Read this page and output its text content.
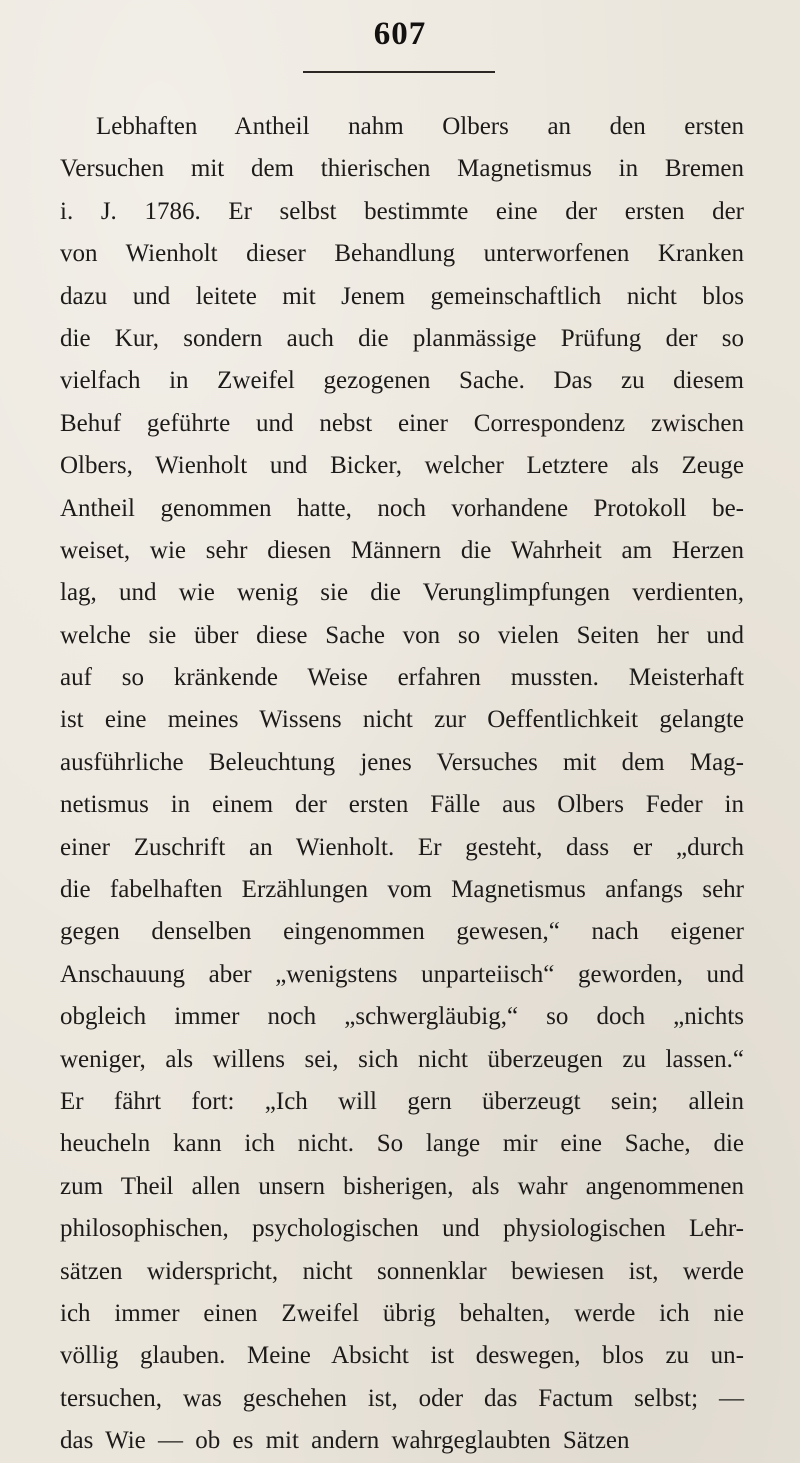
607
Lebhaften Antheil nahm Olbers an den ersten
Versuchen mit dem thierischen Magnetismus in Bremen
i. J. 1786. Er selbst bestimmte eine der ersten der
von Wienholt dieser Behandlung unterworfenen Kranken
dazu und leitete mit Jenem gemeinschaftlich nicht blos
die Kur, sondern auch die planmässige Prüfung der so
vielfach in Zweifel gezogenen Sache. Das zu diesem
Behuf geführte und nebst einer Correspondenz zwischen
Olbers, Wienholt und Bicker, welcher Letztere als Zeuge
Antheil genommen hatte, noch vorhandene Protokoll be-
weiset, wie sehr diesen Männern die Wahrheit am Herzen
lag, und wie wenig sie die Verunglimpfungen verdienten,
welche sie über diese Sache von so vielen Seiten her und
auf so kränkende Weise erfahren mussten. Meisterhaft
ist eine meines Wissens nicht zur Oeffentlichkeit gelangte
ausführliche Beleuchtung jenes Versuches mit dem Mag-
netismus in einem der ersten Fälle aus Olbers Feder in
einer Zuschrift an Wienholt. Er gesteht, dass er „durch
die fabelhaften Erzählungen vom Magnetismus anfangs sehr
gegen denselben eingenommen gewesen,“ nach eigener
Anschauung aber „wenigstens unparteiisch“ geworden, und
obgleich immer noch „schwergläubig,“ so doch „nichts
weniger, als willens sei, sich nicht überzeugen zu lassen.“
Er fährt fort: „Ich will gern überzeugt sein; allein
heucheln kann ich nicht. So lange mir eine Sache, die
zum Theil allen unsern bisherigen, als wahr angenommenen
philosophischen, psychologischen und physiologischen Lehr-
sätzen widerspricht, nicht sonnenklar bewiesen ist, werde
ich immer einen Zweifel übrig behalten, werde ich nie
völlig glauben. Meine Absicht ist deswegen, blos zu un-
tersuchen, was geschehen ist, oder das Factum selbst; —
das Wie — ob es mit andern wahrgeglaubten Sätzen
